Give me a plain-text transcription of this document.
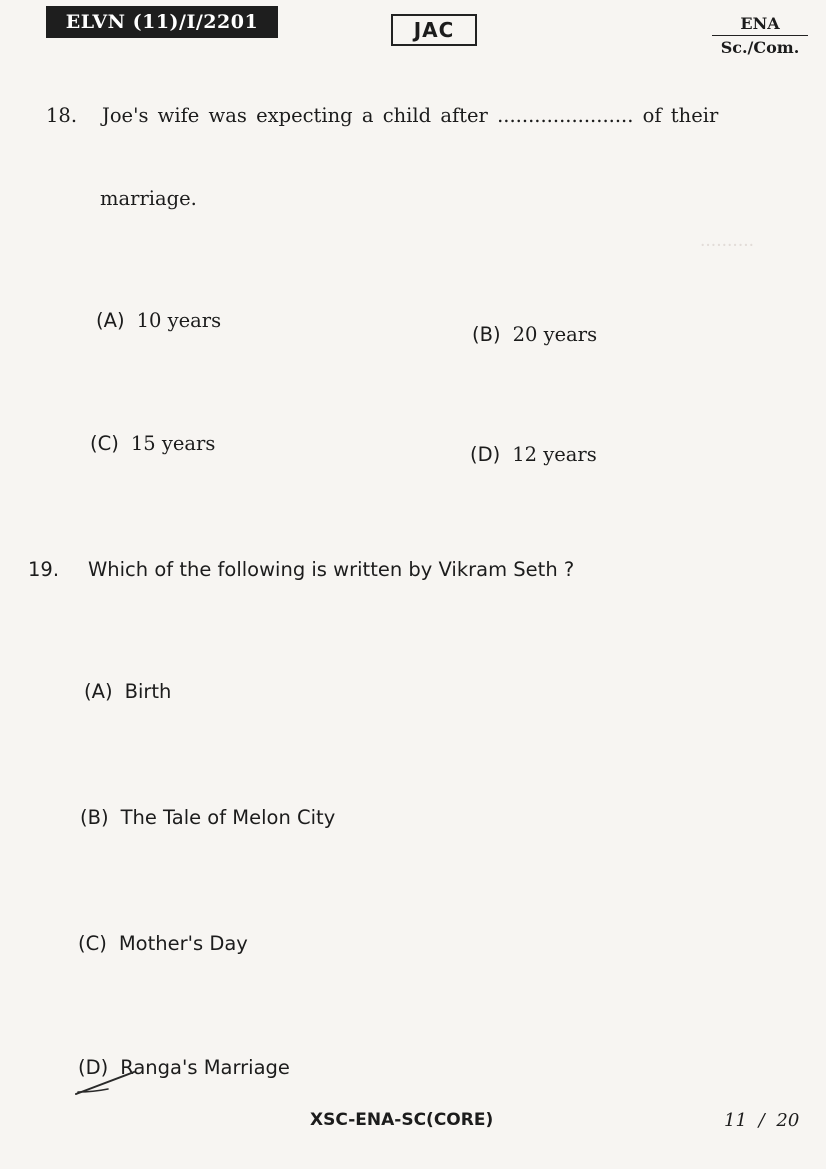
··········
ELVN (11)/I/2201	JAC	ENA
Sc./Com.
18. Joe's wife was expecting a child after ...................... of their
marriage.
(A) 10 years
(B) 20 years
(C) 15 years	(D) 12 years
19. Which of the following is written by Vikram Seth ?
(A) Birth
(B) The Tale of Melon City
(C) Mother's Day
(D) Ranga's Marriage
XSC-ENA-SC(CORE)	11 / 20
